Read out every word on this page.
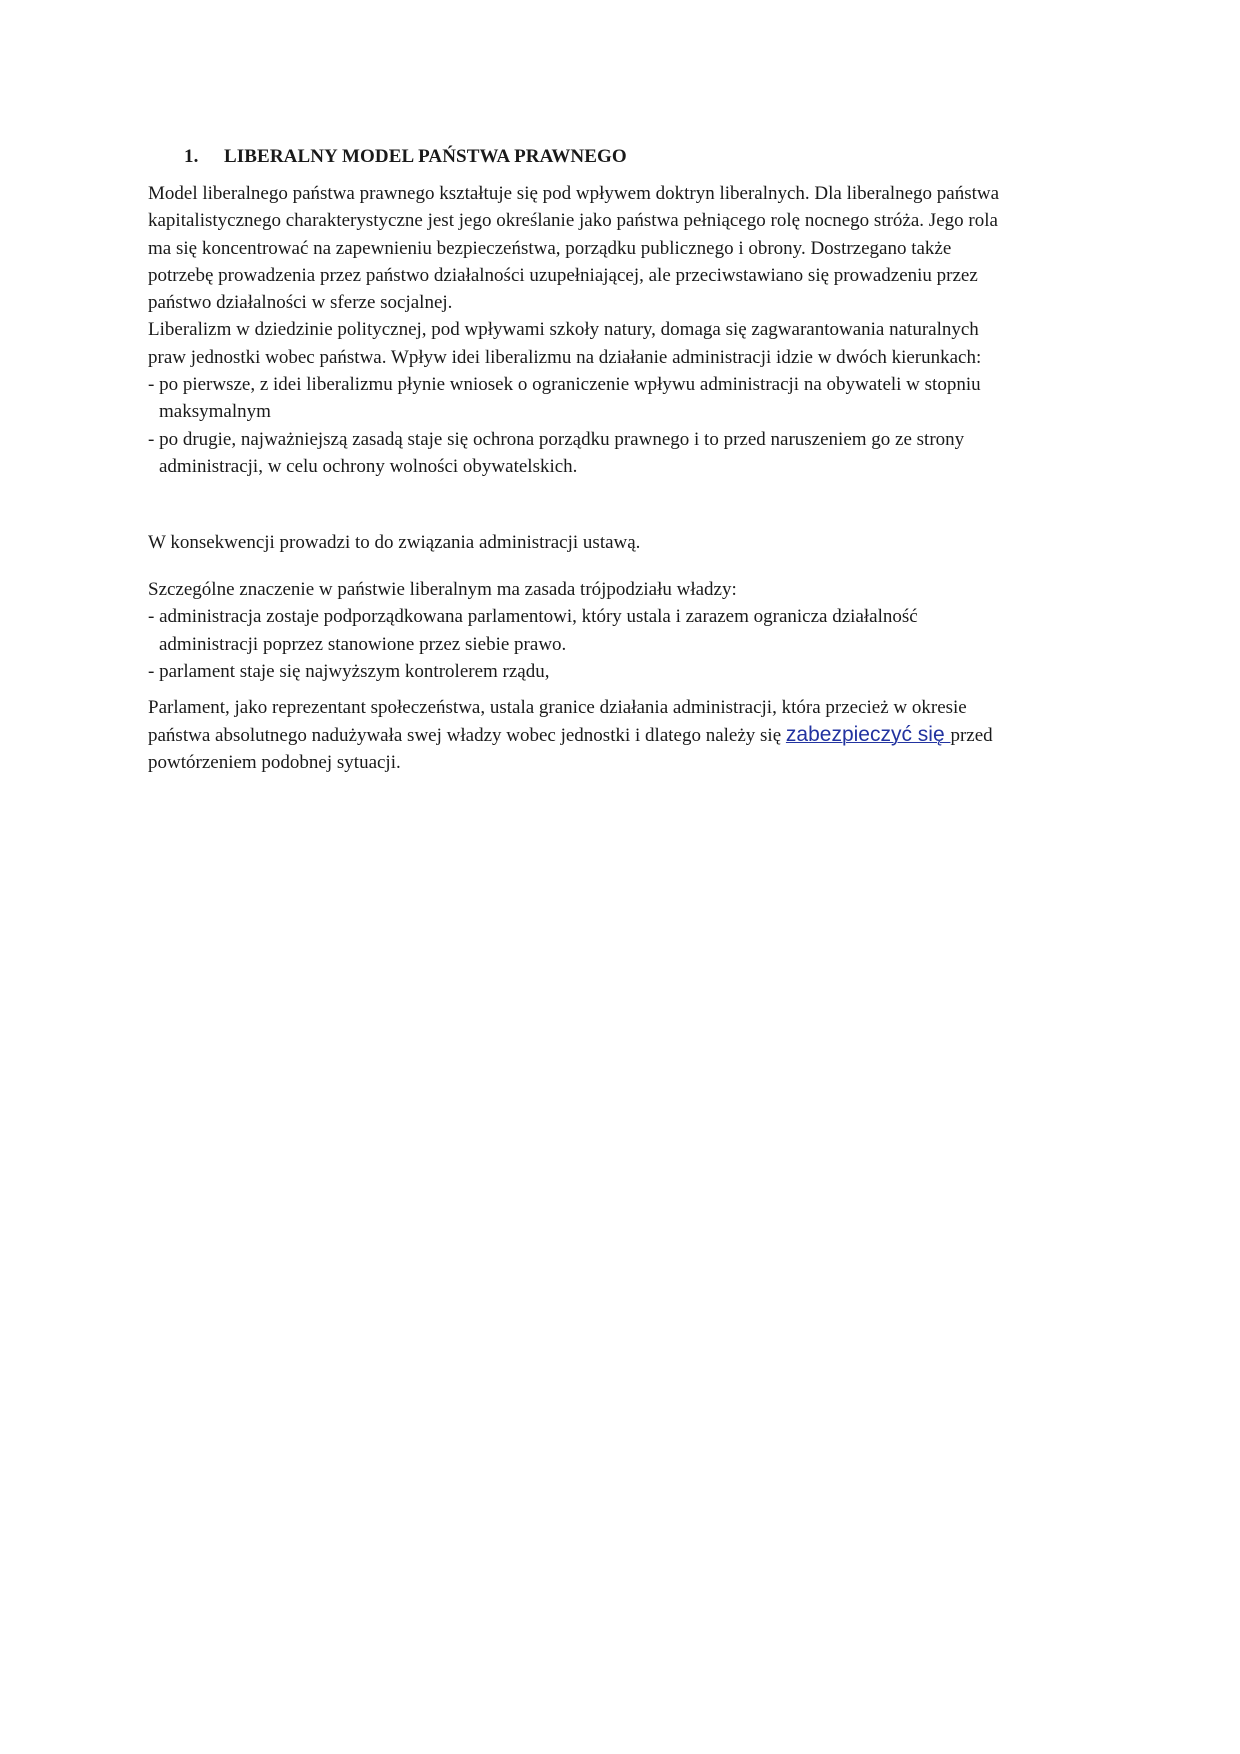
1. LIBERALNY MODEL PAŃSTWA PRAWNEGO
Model liberalnego państwa prawnego kształtuje się pod wpływem doktryn liberalnych. Dla liberalnego państwa
kapitalistycznego charakterystyczne jest jego określanie jako państwa pełniącego rolę nocnego stróża. Jego rola
ma się koncentrować na zapewnieniu bezpieczeństwa, porządku publicznego i obrony. Dostrzegano także
potrzebę prowadzenia przez państwo działalności uzupełniającej, ale przeciwstawiano się prowadzeniu przez
państwo działalności w sferze socjalnej.
Liberalizm w dziedzinie politycznej, pod wpływami szkoły natury, domaga się zagwarantowania naturalnych
praw jednostki wobec państwa. Wpływ idei liberalizmu na działanie administracji idzie w dwóch kierunkach:
- po pierwsze, z idei liberalizmu płynie wniosek o ograniczenie wpływu administracji na obywateli w stopniu
maksymalnym
- po drugie, najważniejszą zasadą staje się ochrona porządku prawnego i to przed naruszeniem go ze strony
administracji, w celu ochrony wolności obywatelskich.
W konsekwencji prowadzi to do związania administracji ustawą.
Szczególne znaczenie w państwie liberalnym ma zasada trójpodziału władzy:
- administracja zostaje podporządkowana parlamentowi, który ustala i zarazem ogranicza działalność
administracji poprzez stanowione przez siebie prawo.
- parlament staje się najwyższym kontrolerem rządu,
Parlament, jako reprezentant społeczeństwa, ustala granice działania administracji, która przecież w okresie
państwa absolutnego nadużywała swej władzy wobec jednostki i dlatego należy się zabezpieczyć się przed
powtórzeniem podobnej sytuacji.
